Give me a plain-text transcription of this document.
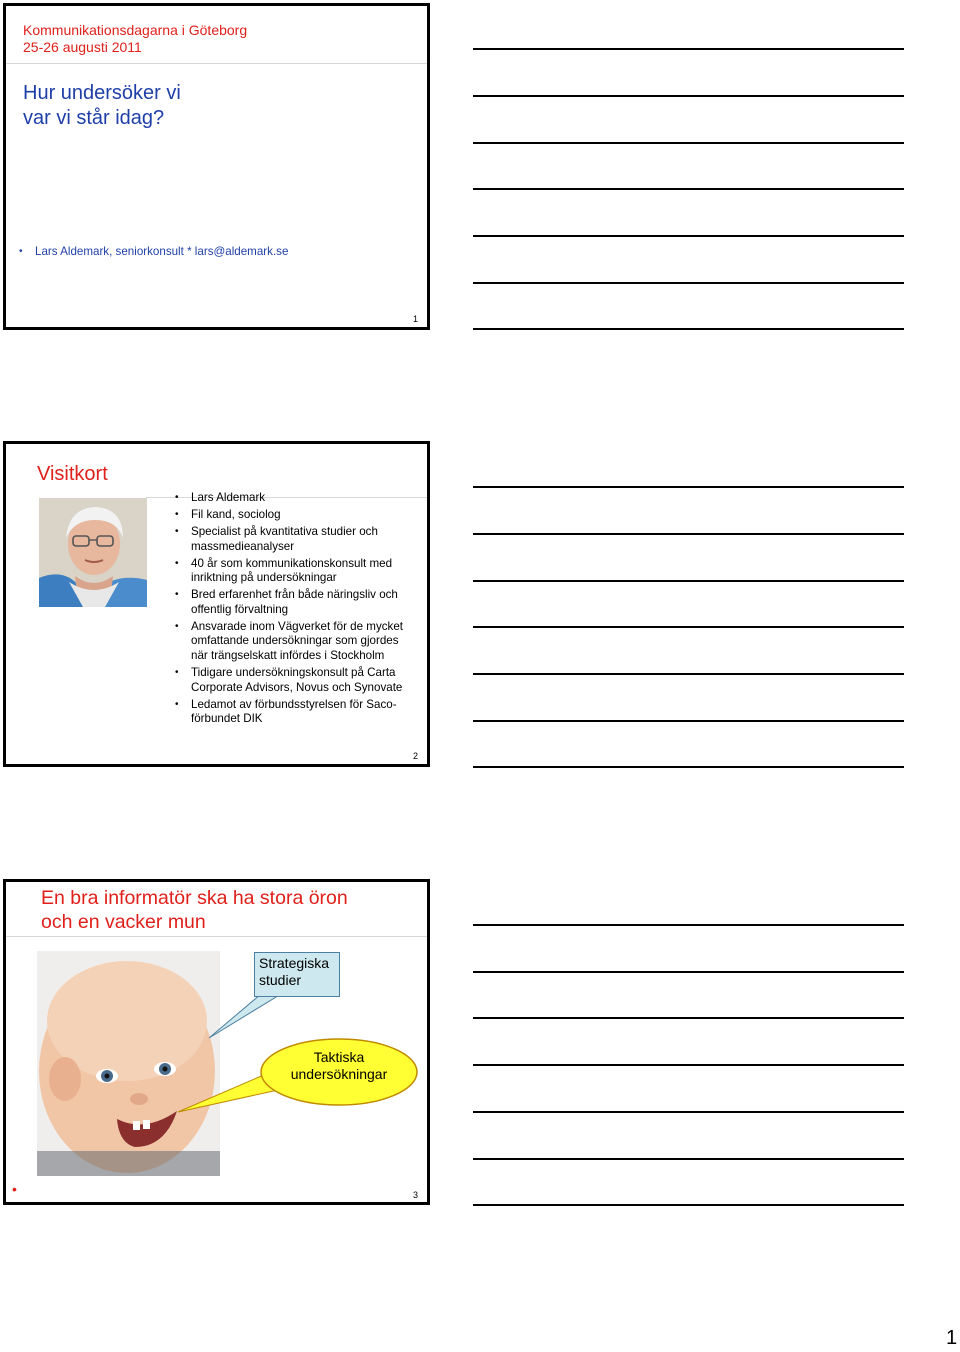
Kommunikationsdagarna i Göteborg
25-26 augusti 2011
Hur undersöker vi
var vi står idag?
• Lars Aldemark, seniorkonsult * lars@aldemark.se
1
Visitkort
• Lars Aldemark
• Fil kand, sociolog
• Specialist på kvantitativa studier och
massmedieanalyser
• 40 år som kommunikationskonsult med
inriktning på undersökningar
• Bred erfarenhet från både näringsliv och
offentlig förvaltning
• Ansvarade inom Vägverket för de mycket
omfattande undersökningar som gjordes
när trängselskatt infördes i Stockholm
• Tidigare undersökningskonsult på Carta
Corporate Advisors, Novus och Synovate
• Ledamot av förbundsstyrelsen för Saco-
förbundet DIK
2
En bra informatör ska ha stora öron
och en vacker mun
Strategiska
studier
Taktiska
undersökningar
•	3
1
